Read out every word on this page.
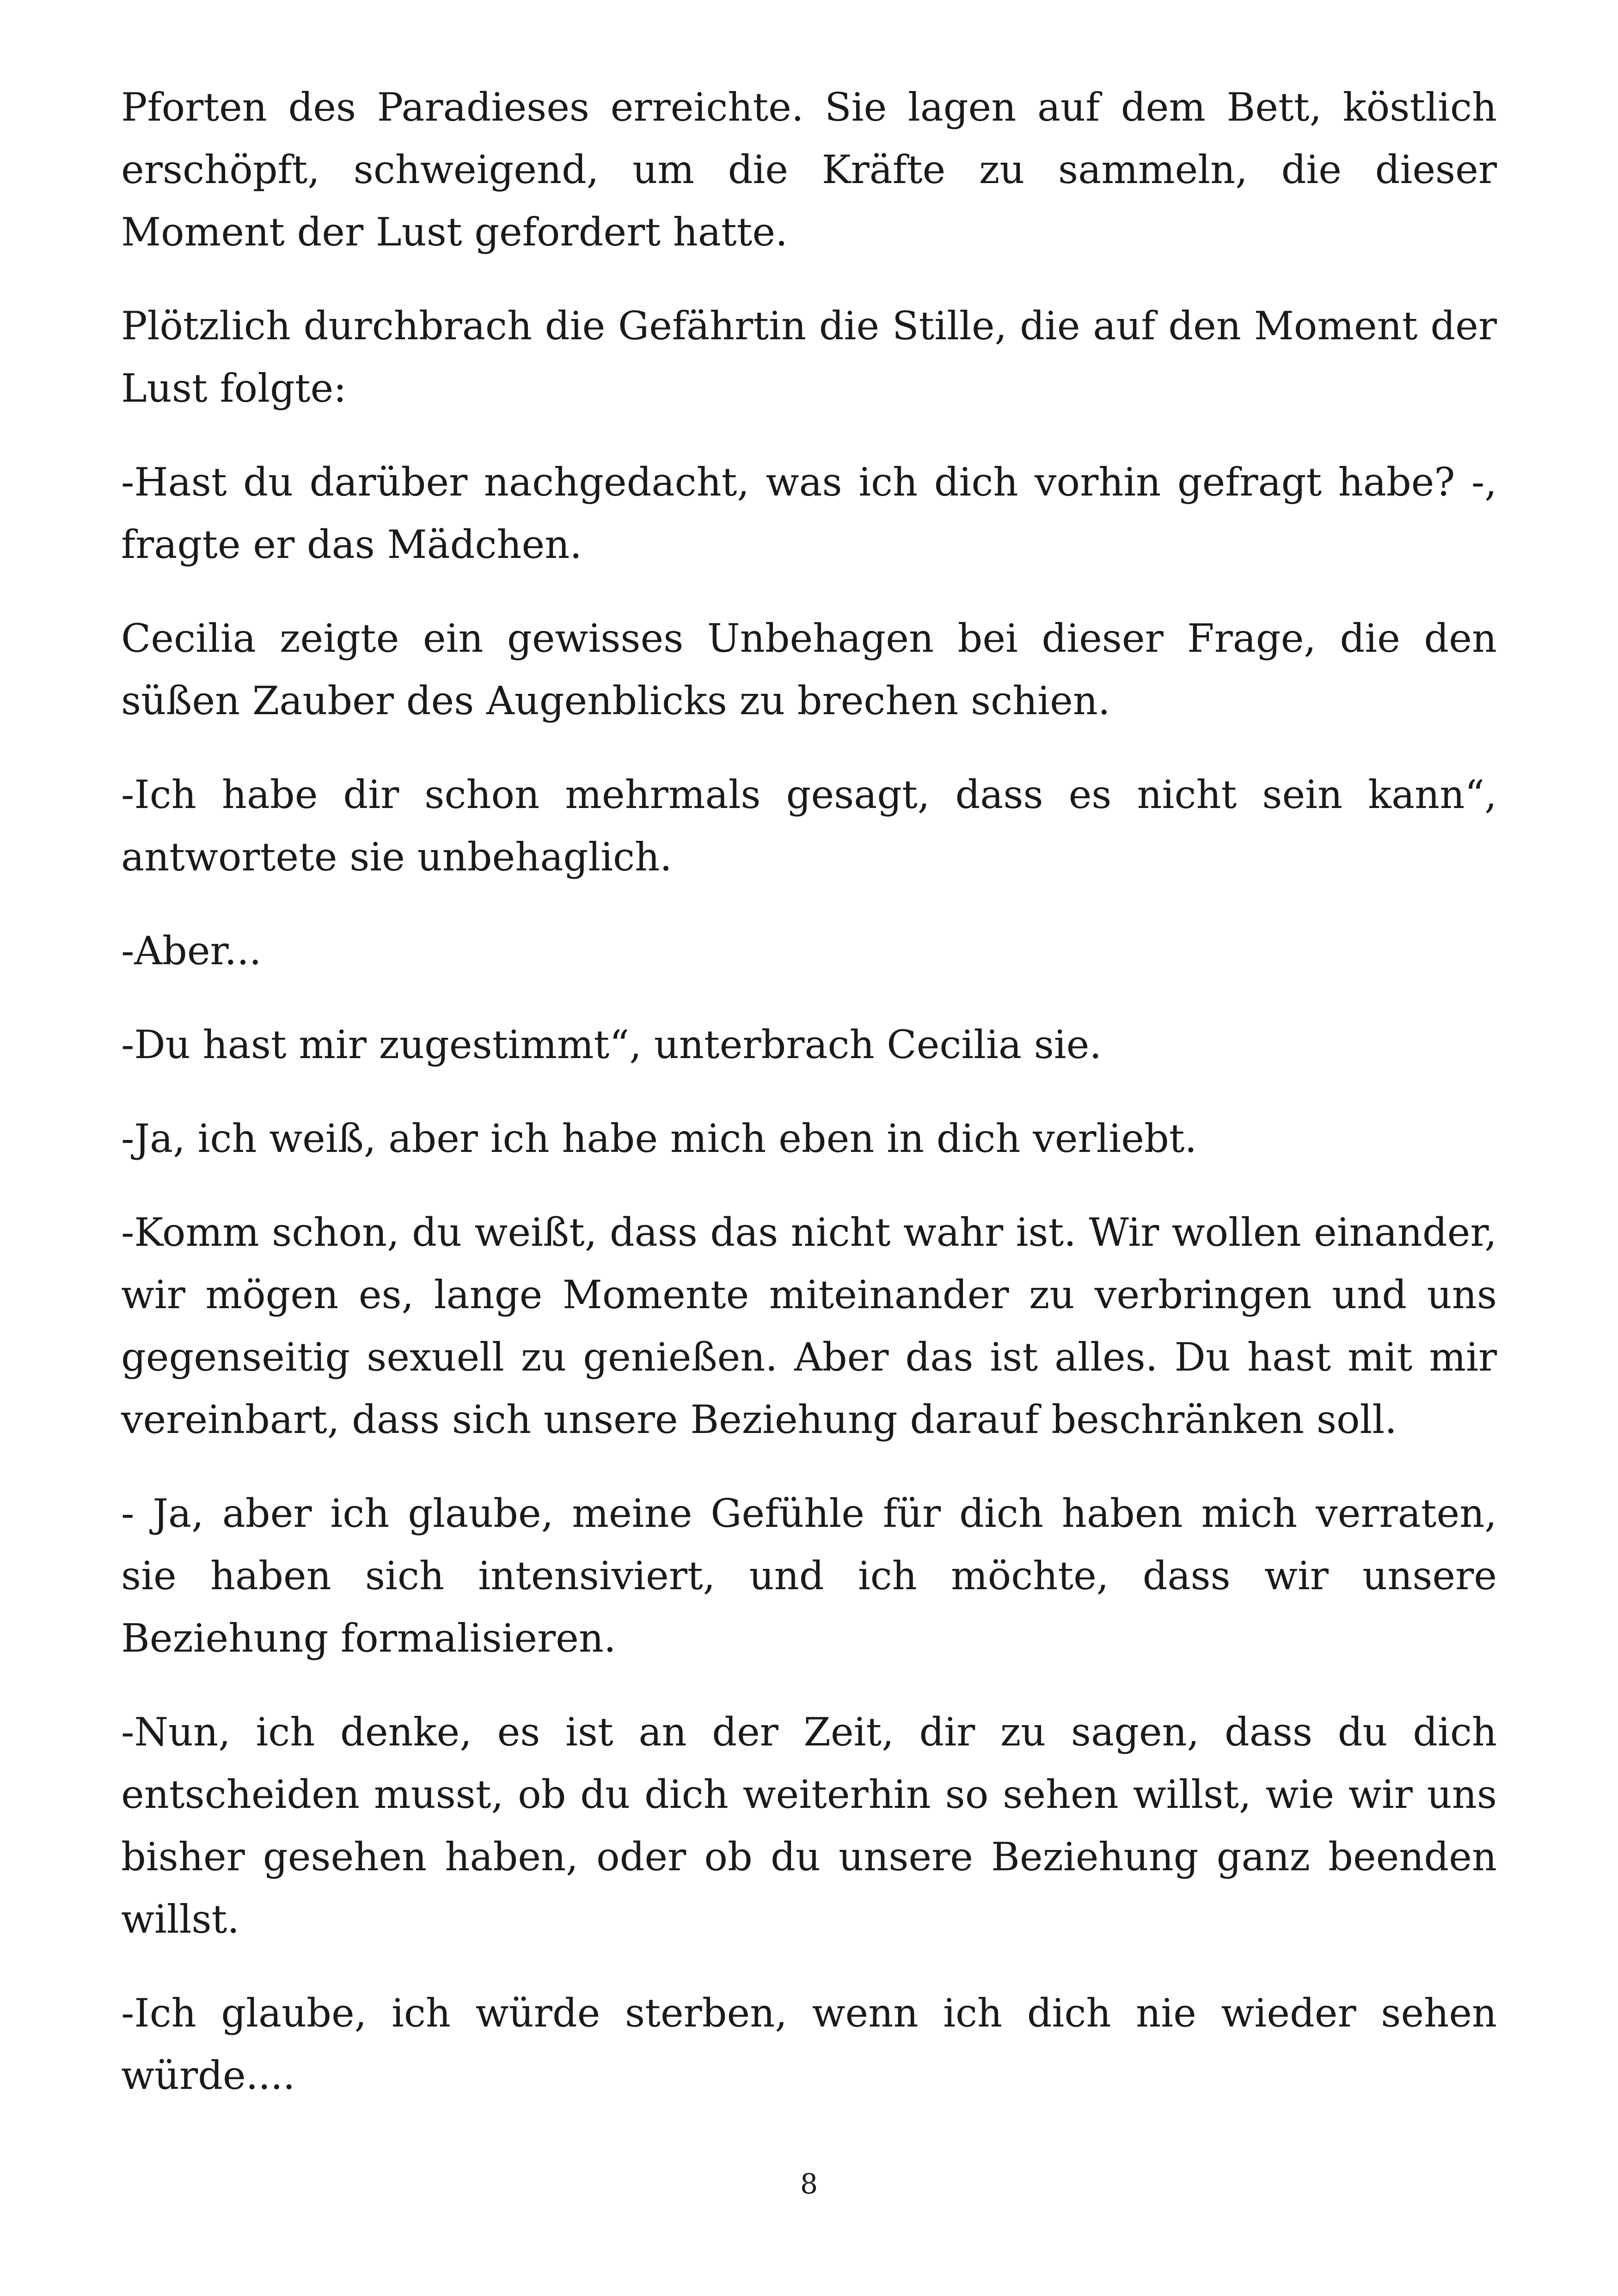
Pforten des Paradieses erreichte. Sie lagen auf dem Bett, köstlich erschöpft, schweigend, um die Kräfte zu sammeln, die dieser Moment der Lust gefordert hatte.

Plötzlich durchbrach die Gefährtin die Stille, die auf den Moment der Lust folgte:

-Hast du darüber nachgedacht, was ich dich vorhin gefragt habe? -, fragte er das Mädchen.

Cecilia zeigte ein gewisses Unbehagen bei dieser Frage, die den süßen Zauber des Augenblicks zu brechen schien.

-Ich habe dir schon mehrmals gesagt, dass es nicht sein kann“, antwortete sie unbehaglich.

-Aber...

-Du hast mir zugestimmt“, unterbrach Cecilia sie.

-Ja, ich weiß, aber ich habe mich eben in dich verliebt.

-Komm schon, du weißt, dass das nicht wahr ist. Wir wollen einander, wir mögen es, lange Momente miteinander zu verbringen und uns gegenseitig sexuell zu genießen. Aber das ist alles. Du hast mit mir vereinbart, dass sich unsere Beziehung darauf beschränken soll.

- Ja, aber ich glaube, meine Gefühle für dich haben mich verraten, sie haben sich intensiviert, und ich möchte, dass wir unsere Beziehung formalisieren.

-Nun, ich denke, es ist an der Zeit, dir zu sagen, dass du dich entscheiden musst, ob du dich weiterhin so sehen willst, wie wir uns bisher gesehen haben, oder ob du unsere Beziehung ganz beenden willst.

-Ich glaube, ich würde sterben, wenn ich dich nie wieder sehen würde....

8
